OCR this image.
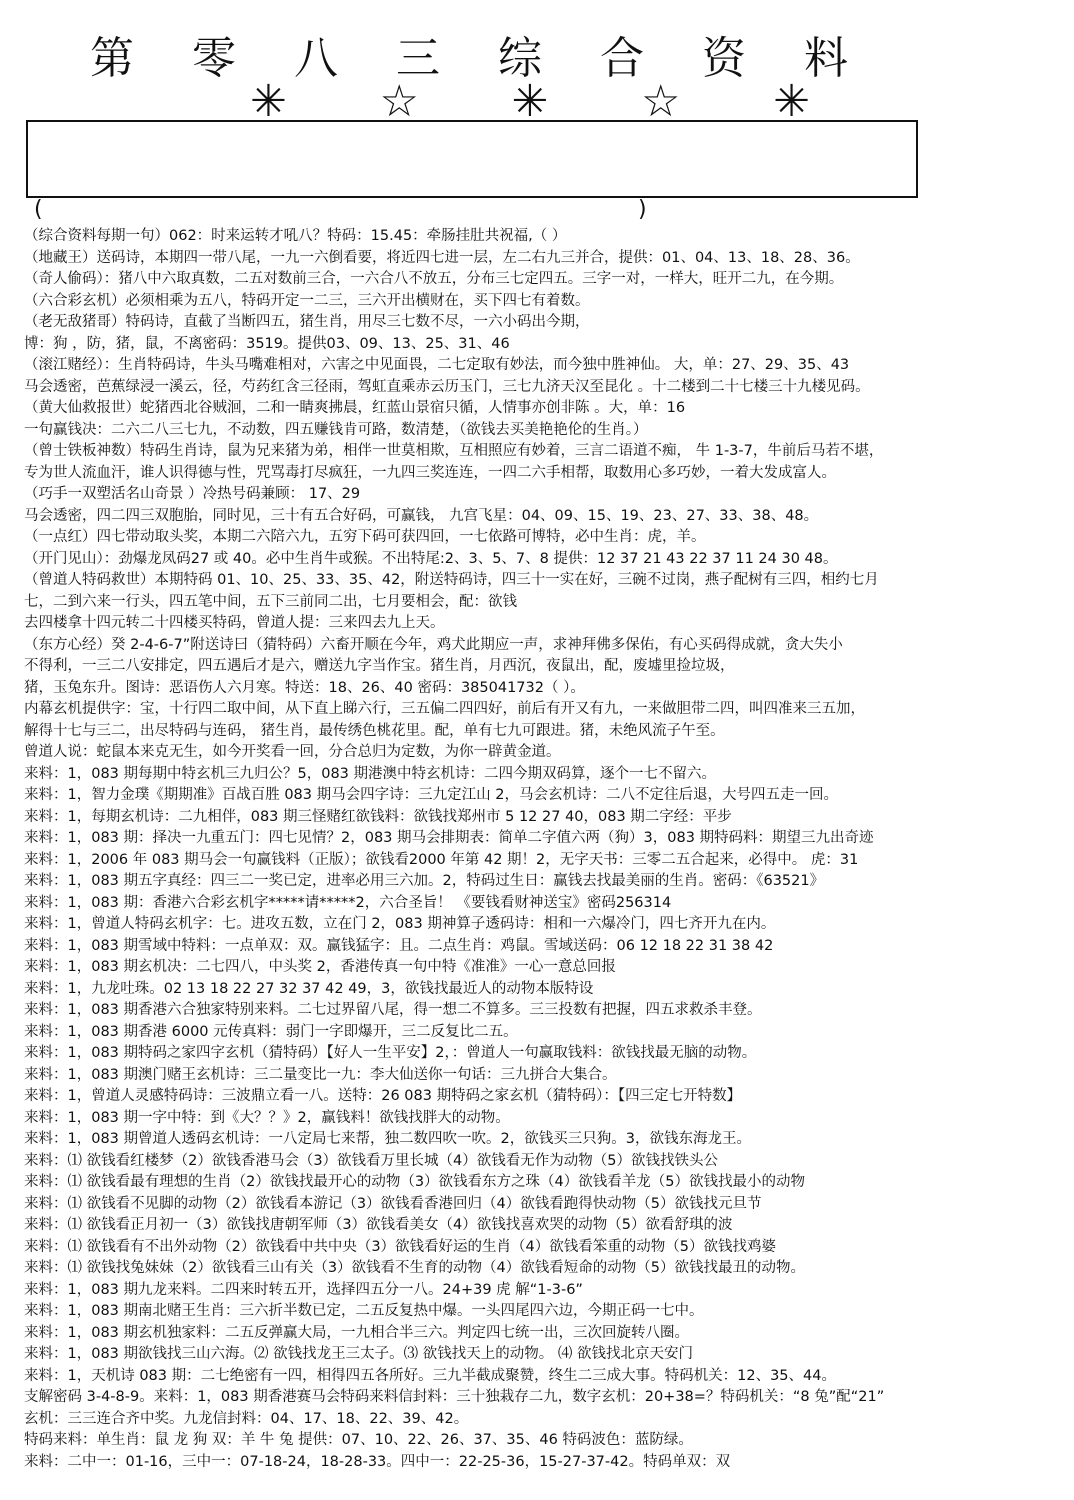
第 零 八 三 综 合 资 料
✳ ☆ ✳ ☆ ✳
(	)
（综合资料每期一句）062：时来运转才吼八？特码：15.45：牵肠挂肚共祝福,（ ）
（地藏王）送码诗，本期四一带八尾，一九一六倒看要，将近四七进一层，左二右九三并合，提供：01、04、13、18、28、36。
（奇人偷码）：猪八中六取真数，二五对数前三合，一六合八不放五，分布三七定四五。三字一对，一样大，旺开二九，在今期。
（六合彩玄机）必须相乘为五八，特码开定一二三，三六开出横财在，买下四七有着数。
（老无敌猪哥）特码诗，直截了当断四五，猪生肖，用尽三七数不尽，一六小码出今期，
博：狗 ，防，猪，鼠，不离密码：3519。提供03、09、13、25、31、46
（滚江赌经）：生肖特码诗，牛头马嘴难相对，六害之中见面畏，二七定取有妙法，而今独中胜神仙。 大，单：27、29、35、43
马会透密，芭蕉绿浸一溪云，径，芍药红含三径雨，驾虹直乘赤云历玉门，三七九济天汉至昆化 。十二楼到二十七楼三十九楼见码。
（黄大仙救报世）蛇猪西北谷贼洄，二和一睛爽拂晨，红蓝山景宿只循，人情事亦创非陈 。大，单：16
一句赢钱决：二六二八三七九，不动数，四五赚钱肯可路，数清楚，（欲钱去买美艳艳伦的生肖。）
（曾士铁板神数）特码生肖诗，鼠为兄来猪为弟，相伴一世莫相欺，互相照应有妙着，三言二语道不痴， 牛 1-3-7，牛前后马若不堪，
专为世人流血汗，谁人识得德与性，咒骂毒打尽疯狂，一九四三奖连连，一四二六手相帮，取数用心多巧妙，一着大发成富人。
（巧手一双塑活名山奇景 ）冷热号码兼顾： 17、29
马会透密，四二四三双胞胎，同时见，三十有五合好码，可赢钱， 九宫飞星：04、09、15、19、23、27、33、38、48。
（一点红）四七带动取头奖，本期二六陪六九，五穷下码可获四回，一七依路可博特，必中生肖：虎，羊。
（开门见山）：劲爆龙凤码27 或 40。必中生肖牛或猴。不出特尾:2、3、5、7、8 提供：12 37 21 43 22 37 11 24 30 48。
（曾道人特码救世）本期特码 01、10、25、33、35、42，附送特码诗，四三十一实在好，三碗不过岗，燕子配树有三四，相约七月
七，二到六来一行头，四五笔中间，五下三前同二出，七月要相会，配：欲钱
去四楼拿十四元转二十四楼买特码，曾道人提：三来四去九上天。
（东方心经）癸 2-4-6-7”附送诗曰（猜特码）六畜开顺在今年，鸡犬此期应一声，求神拜佛多保佑，有心买码得成就，贪大失小
不得利，一三二八安排定，四五遇后才是六，赠送九字当作宝。猪生肖，月西沉，夜鼠出，配，废墟里捡垃圾，
猪，玉兔东升。图诗：恶语伤人六月寒。特送：18、26、40 密码：385041732（ ）。
内幕玄机提供字：宝，十行四二取中间，从下直上睇六行，三五偏二四四好，前后有开又有九，一来做胆带二四，叫四准来三五加，
解得十七与三二，出尽特码与连码， 猪生肖，最传绣色桃花里。配，单有七九可跟进。猪，未绝风流子午至。
曾道人说：蛇鼠本来克无生，如今开奖看一回，分合总归为定数，为你一辟黄金道。
来料：1，083 期每期中特玄机三九归公？5，083 期港澳中特玄机诗：二四今期双码算，逐个一七不留六。
来料：1，智力金璞《期期准》百战百胜 083 期马会四字诗：三九定江山 2，马会玄机诗：二八不定往后退，大号四五走一回。
来料：1，每期玄机诗：二九相伴，083 期三怪赌红欲钱料：欲钱找郑州市 5 12 27 40，083 期二字经：平步
来料：1，083 期：择决一九重五门：四七见情？2，083 期马会排期表：简单二字值六两（狗）3，083 期特码料：期望三九出奇迹
来料：1，2006 年 083 期马会一句赢钱料（正版）；欲钱看2000 年第 42 期！2，无字天书：三零二五合起来，必得中。 虎：31
来料：1，083 期五字真经：四三二一奖已定，进率必用三六加。2，特码过生日：赢钱去找最美丽的生肖。密码：《63521》
来料：1，083 期：香港六合彩玄机字*****请*****2，六合圣旨！ 《要钱看财神送宝》密码256314
来料：1，曾道人特码玄机字：七。进攻五数，立在门 2，083 期神算子透码诗：相和一六爆冷门，四七齐开九在内。
来料：1，083 期雪域中特料：一点单双：双。赢钱猛字：且。二点生肖：鸡鼠。雪域送码：06 12 18 22 31 38 42
来料：1，083 期玄机决：二七四八，中头奖 2，香港传真一句中特《准准》一心一意总回报
来料：1，九龙吐珠。02 13 18 22 27 32 37 42 49，3，欲钱找最近人的动物本版特设
来料：1，083 期香港六合独家特别来料。二七过界留八尾，得一想二不算多。三三投数有把握，四五求救杀丰登。
来料：1，083 期香港 6000 元传真料：弱门一字即爆开，三二反复比二五。
来料：1，083 期特码之家四字玄机（猜特码）【好人一生平安】2，：曾道人一句赢取钱料：欲钱找最无脑的动物。
来料：1，083 期澳门赌王玄机诗：三二量变比一九：李大仙送你一句话：三九拼合大集合。
来料：1，曾道人灵感特码诗：三波鼎立看一八。送特：26 083 期特码之家玄机（猜特码）：【四三定七开特数】
来料：1，083 期一字中特：到《大？？》2，赢钱料！欲钱找胖大的动物。
来料：1，083 期曾道人透码玄机诗：一八定局七来帮，独二数四吹一吹。2，欲钱买三只狗。3，欲钱东海龙王。
来料：⑴ 欲钱看红楼梦（2）欲钱香港马会（3）欲钱看万里长城（4）欲钱看无作为动物（5）欲钱找铁头公
来料：⑴ 欲钱看最有理想的生肖（2）欲钱找最开心的动物（3）欲钱看东方之珠（4）欲钱看羊龙（5）欲钱找最小的动物
来料：⑴ 欲钱看不见脚的动物（2）欲钱看本游记（3）欲钱看香港回归（4）欲钱看跑得快动物（5）欲钱找元旦节
来料：⑴ 欲钱看正月初一（3）欲钱找唐朝军师（3）欲钱看美女（4）欲钱找喜欢哭的动物（5）欲看舒琪的波
来料：⑴ 欲钱看有不出外动物（2）欲钱看中共中央（3）欲钱看好运的生肖（4）欲钱看笨重的动物（5）欲钱找鸡婆
来料：⑴ 欲钱找兔妹妹（2）欲钱看三山有关（3）欲钱看不生育的动物（4）欲钱看短命的动物（5）欲钱找最丑的动物。
来料：1，083 期九龙来料。二四来时转五开，选择四五分一八。24+39 虎 解“1-3-6”
来料：1，083 期南北赌王生肖：三六折半数已定，二五反复热中爆。一头四尾四六边，今期正码一七中。
来料：1，083 期玄机独家料：二五反弹赢大局，一九相合半三六。判定四七统一出，三次回旋转八圈。
来料：1，083 期欲钱找三山六海。⑵ 欲钱找龙王三太子。⑶ 欲钱找天上的动物。 ⑷ 欲钱找北京天安门
来料：1，天机诗 083 期：二七绝密有一四，相得四五各所好。三九半截成聚赞，终生二三成大事。特码机关：12、35、44。
支解密码 3-4-8-9。来料：1，083 期香港赛马会特码来料信封料：三十独栽存二九，数字玄机：20+38=？特码机关：“8 兔”配“21”
玄机：三三连合齐中奖。九龙信封料：04、17、18、22、39、42。
特码来料：单生肖：鼠 龙 狗 双：羊 牛 兔 提供：07、10、22、26、37、35、46 特码波色：蓝防绿。
来料：二中一：01-16，三中一：07-18-24，18-28-33。四中一：22-25-36，15-27-37-42。特码单双：双
